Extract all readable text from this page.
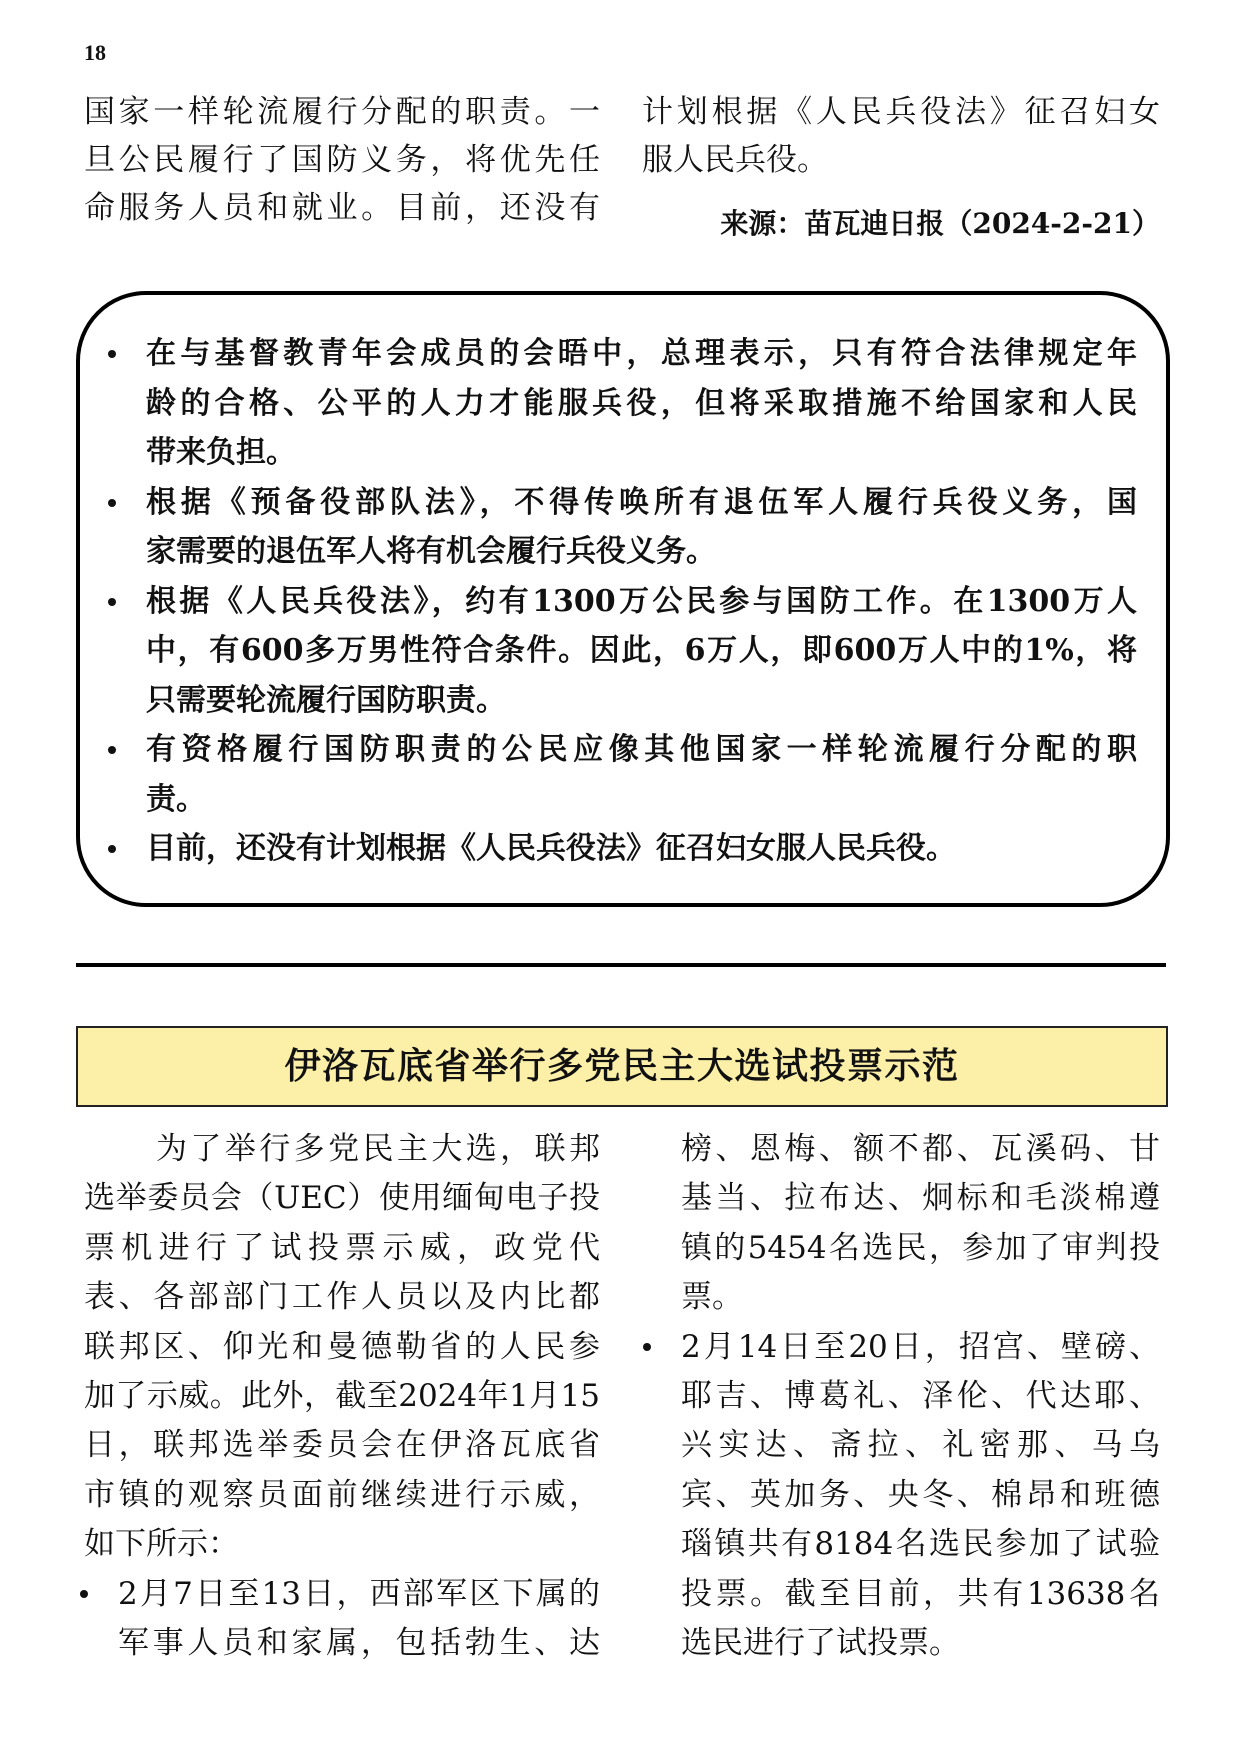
18
国家一样轮流履行分配的职责。一
旦公民履行了国防义务，将优先任
命服务人员和就业。目前，还没有
计划根据《人民兵役法》征召妇女
服人民兵役。
来源：苗瓦迪日报（2024-2-21）
在与基督教青年会成员的会晤中，总理表示，只有符合法律规定年
龄的合格、公平的人力才能服兵役，但将采取措施不给国家和人民
带来负担。
根据《预备役部队法》，不得传唤所有退伍军人履行兵役义务，国
家需要的退伍军人将有机会履行兵役义务。
根据《人民兵役法》，约有1300万公民参与国防工作。在1300万人
中，有600多万男性符合条件。因此，6万人，即600万人中的1%，将
只需要轮流履行国防职责。
有资格履行国防职责的公民应像其他国家一样轮流履行分配的职
责。
目前，还没有计划根据《人民兵役法》征召妇女服人民兵役。
伊洛瓦底省举行多党民主大选试投票示范
为了举行多党民主大选，联邦
选举委员会（UEC）使用缅甸电子投
票机进行了试投票示威，政党代
表、各部部门工作人员以及内比都
联邦区、仰光和曼德勒省的人民参
加了示威。此外，截至2024年1月15
日，联邦选举委员会在伊洛瓦底省
市镇的观察员面前继续进行示威，
如下所示：
2月7日至13日，西部军区下属的
军事人员和家属，包括勃生、达
榜、恩梅、额不都、瓦溪码、甘
基当、拉布达、炯标和毛淡棉遵
镇的5454名选民，参加了审判投
票。
2月14日至20日，招宫、壁磅、
耶吉、博葛礼、泽伦、代达耶、
兴实达、斋拉、礼密那、马乌
宾、英加务、央冬、棉昂和班德
瑙镇共有8184名选民参加了试验
投票。截至目前，共有13638名
选民进行了试投票。
